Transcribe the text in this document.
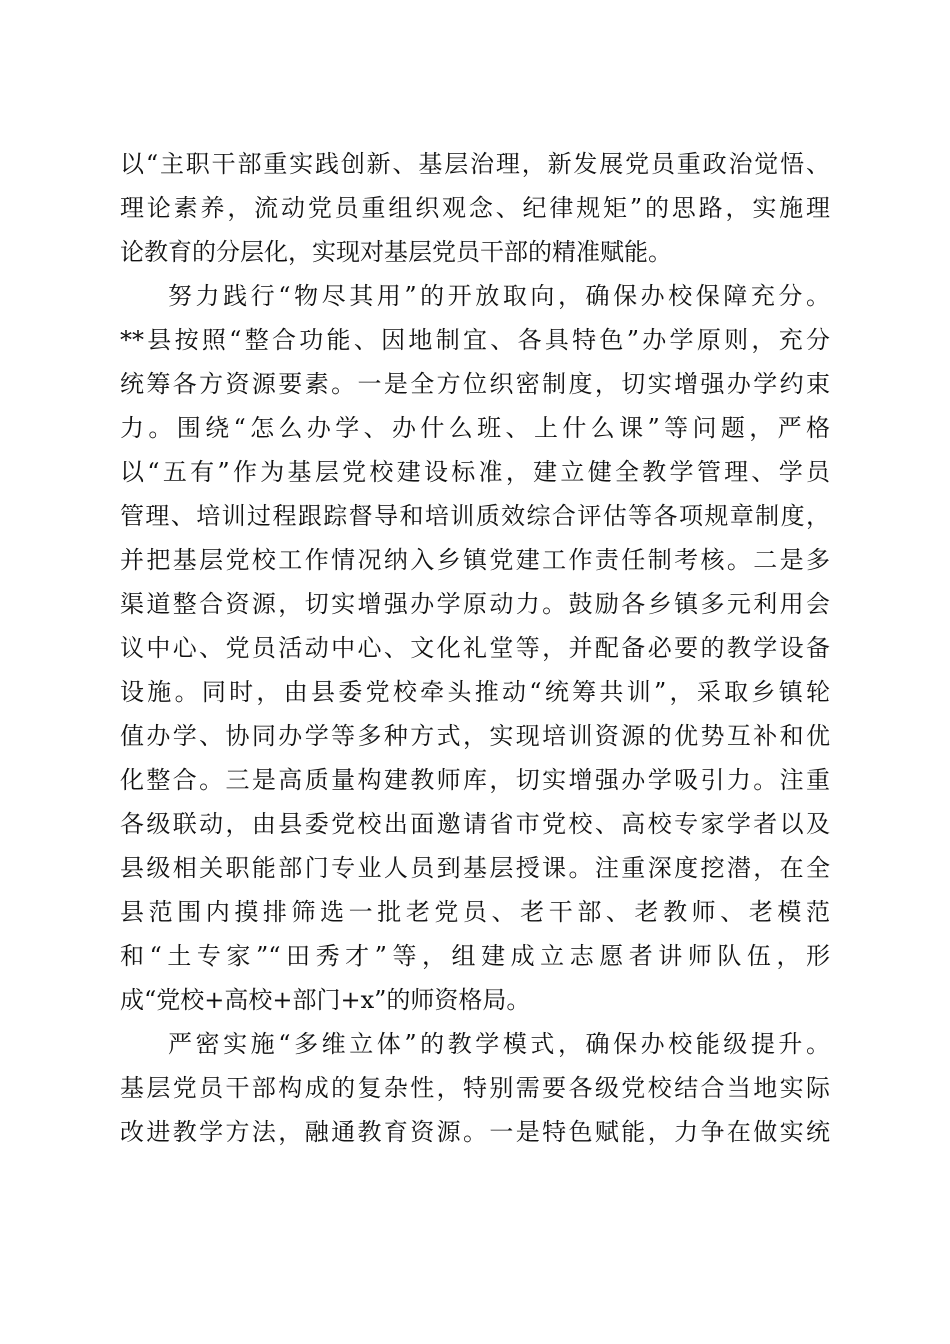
以“主职干部重实践创新、基层治理，新发展党员重政治觉悟、
理论素养，流动党员重组织观念、纪律规矩”的思路，实施理
论教育的分层化，实现对基层党员干部的精准赋能。
努力践行“物尽其用”的开放取向，确保办校保障充分。
**县按照“整合功能、因地制宜、各具特色”办学原则，充分
统筹各方资源要素。一是全方位织密制度，切实增强办学约束
力。围绕“怎么办学、办什么班、上什么课”等问题，严格
以“五有”作为基层党校建设标准，建立健全教学管理、学员
管理、培训过程跟踪督导和培训质效综合评估等各项规章制度，
并把基层党校工作情况纳入乡镇党建工作责任制考核。二是多
渠道整合资源，切实增强办学原动力。鼓励各乡镇多元利用会
议中心、党员活动中心、文化礼堂等，并配备必要的教学设备
设施。同时，由县委党校牵头推动“统筹共训”，采取乡镇轮
值办学、协同办学等多种方式，实现培训资源的优势互补和优
化整合。三是高质量构建教师库，切实增强办学吸引力。注重
各级联动，由县委党校出面邀请省市党校、高校专家学者以及
县级相关职能部门专业人员到基层授课。注重深度挖潜，在全
县范围内摸排筛选一批老党员、老干部、老教师、老模范
和“土专家”“田秀才”等，组建成立志愿者讲师队伍，形
成“党校+高校+部门+x”的师资格局。
严密实施“多维立体”的教学模式，确保办校能级提升。
基层党员干部构成的复杂性，特别需要各级党校结合当地实际
改进教学方法，融通教育资源。一是特色赋能，力争在做实统
